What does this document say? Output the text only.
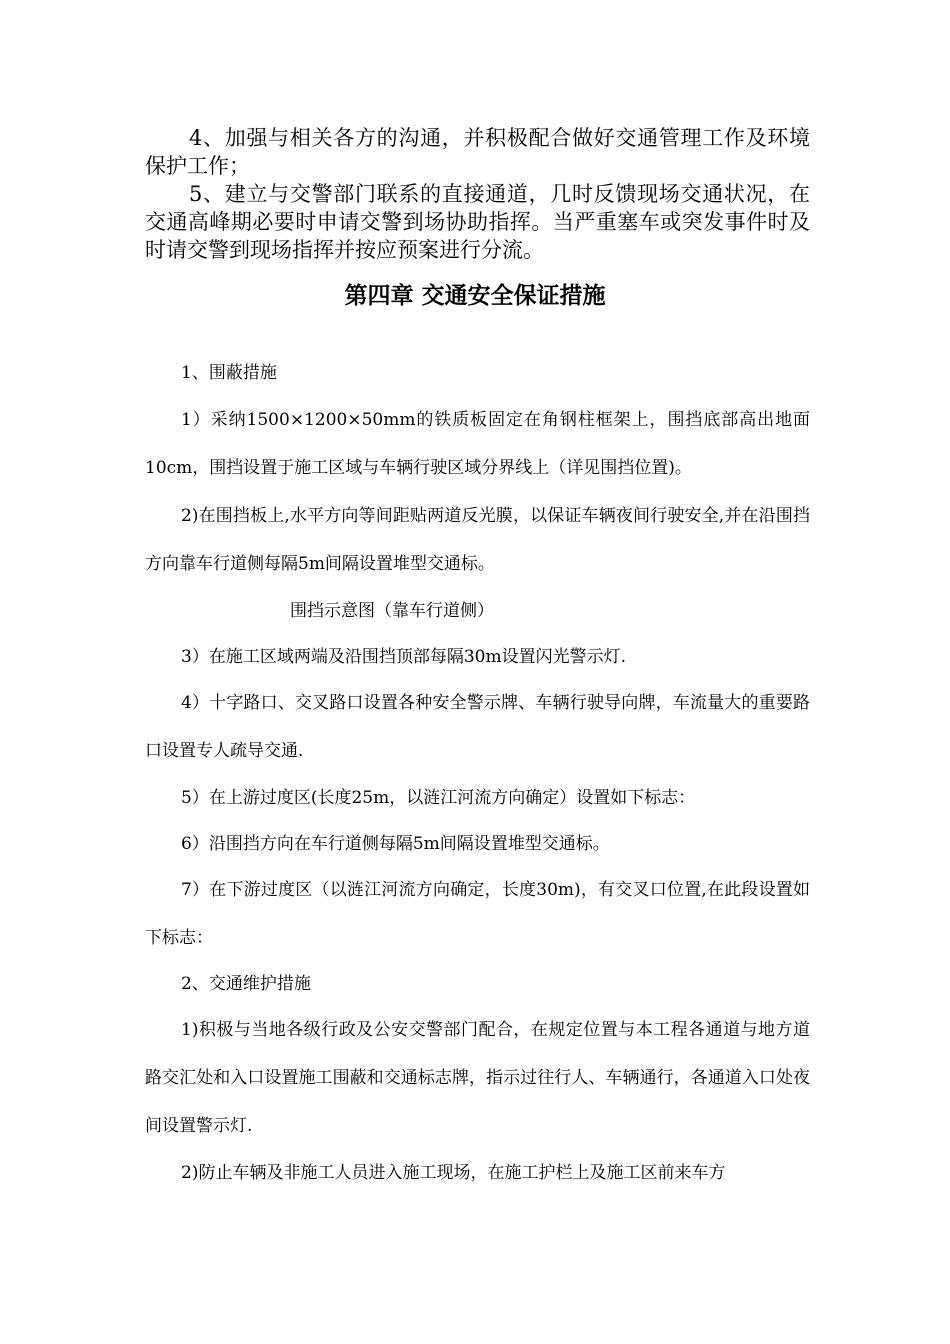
4、加强与相关各方的沟通，并积极配合做好交通管理工作及环境保护工作；

5、建立与交警部门联系的直接通道，几时反馈现场交通状况，在交通高峰期必要时申请交警到场协助指挥。当严重塞车或突发事件时及时请交警到现场指挥并按应预案进行分流。

第四章 交通安全保证措施

1、围蔽措施

1）采纳1500×1200×50mm的铁质板固定在角钢柱框架上，围挡底部高出地面10cm，围挡设置于施工区域与车辆行驶区域分界线上（详见围挡位置)。

2)在围挡板上,水平方向等间距贴两道反光膜，以保证车辆夜间行驶安全,并在沿围挡方向靠车行道侧每隔5m间隔设置堆型交通标。

围挡示意图（靠车行道侧）

3）在施工区域两端及沿围挡顶部每隔30m设置闪光警示灯.

4）十字路口、交叉路口设置各种安全警示牌、车辆行驶导向牌，车流量大的重要路口设置专人疏导交通.

5）在上游过度区(长度25m，以涟江河流方向确定）设置如下标志：

6）沿围挡方向在车行道侧每隔5m间隔设置堆型交通标。

7）在下游过度区（以涟江河流方向确定，长度30m)，有交叉口位置,在此段设置如下标志：

2、交通维护措施

1)积极与当地各级行政及公安交警部门配合，在规定位置与本工程各通道与地方道路交汇处和入口设置施工围蔽和交通标志牌，指示过往行人、车辆通行，各通道入口处夜间设置警示灯.

2)防止车辆及非施工人员进入施工现场，在施工护栏上及施工区前来车方
